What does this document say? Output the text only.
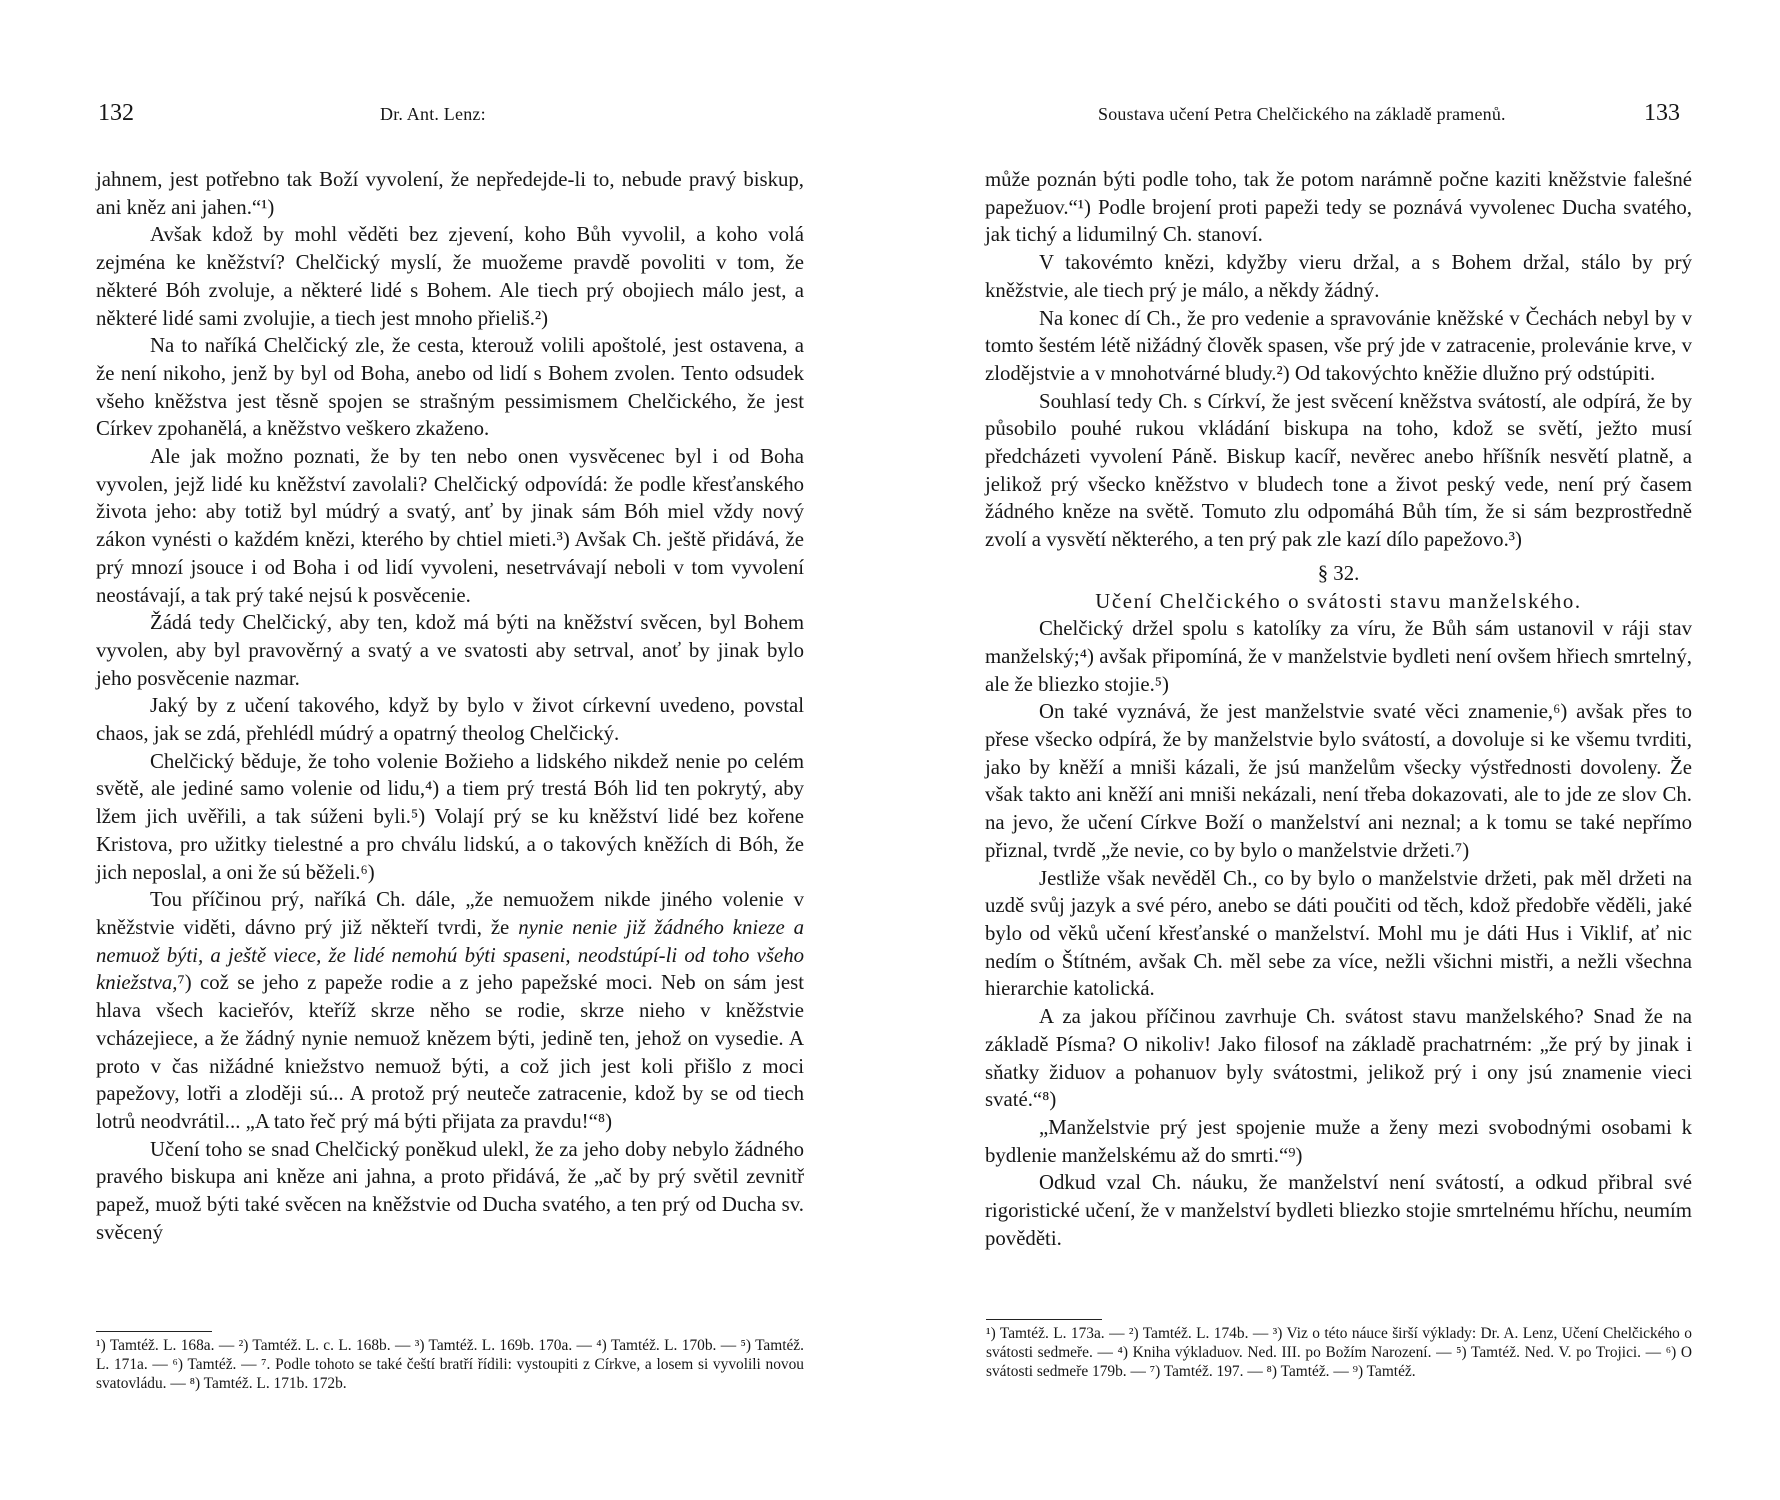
132	Dr. Ant. Lenz:

jahnem, jest potřebno tak Boží vyvolení, že nepředejde-li to, nebude pravý biskup, ani kněz ani jahen.“¹)

Avšak kdož by mohl věděti bez zjevení, koho Bůh vyvolil, a koho volá zejména ke kněžství? Chelčický myslí, že muožeme pravdě povoliti v tom, že některé Bóh zvoluje, a některé lidé s Bohem. Ale tiech prý obojiech málo jest, a některé lidé sami zvolujie, a tiech jest mnoho přieliš.²)

Na to naříká Chelčický zle, že cesta, kterouž volili apoštolé, jest ostavena, a že není nikoho, jenž by byl od Boha, anebo od lidí s Bohem zvolen. Tento odsudek všeho kněžstva jest těsně spojen se strašným pessimismem Chelčického, že jest Církev zpohanělá, a kněžstvo veškero zkaženo.

Ale jak možno poznati, že by ten nebo onen vysvěcenec byl i od Boha vyvolen, jejž lidé ku kněžství zavolali? Chelčický odpovídá: že podle křesťanského života jeho: aby totiž byl múdrý a svatý, anť by jinak sám Bóh miel vždy nový zákon vynésti o každém knězi, kterého by chtiel mieti.³) Avšak Ch. ještě přidává, že prý mnozí jsouce i od Boha i od lidí vyvoleni, nesetrvávají neboli v tom vyvolení neostávají, a tak prý také nejsú k posvěcenie.

Žádá tedy Chelčický, aby ten, kdož má býti na kněžství svěcen, byl Bohem vyvolen, aby byl pravověrný a svatý a ve svatosti aby setrval, anoť by jinak bylo jeho posvěcenie nazmar.

Jaký by z učení takového, když by bylo v život církevní uvedeno, povstal chaos, jak se zdá, přehlédl múdrý a opatrný theolog Chelčický.

Chelčický běduje, že toho volenie Božieho a lidského nikdež nenie po celém světě, ale jediné samo volenie od lidu,⁴) a tiem prý trestá Bóh lid ten pokrytý, aby lžem jich uvěřili, a tak súženi byli.⁵) Volají prý se ku kněžství lidé bez kořene Kristova, pro užitky tielestné a pro chválu lidskú, a o takových kněžích di Bóh, že jich neposlal, a oni že sú běželi.⁶)

Tou příčinou prý, naříká Ch. dále, „že nemuožem nikde jiného volenie v kněžstvie viděti, dávno prý již někteří tvrdi, že nynie nenie již žádného knieze a nemuož býti, a ještě viece, že lidé nemohú býti spaseni, neodstúpí-li od toho všeho kniežstva,⁷) což se jeho z papeže rodie a z jeho papežské moci. Neb on sám jest hlava všech kacieřóv, kteříž skrze něho se rodie, skrze nieho v kněžstvie vcházejiece, a že žádný nynie nemuož knězem býti, jedině ten, jehož on vysedie. A proto v čas nižádné kniežstvo nemuož býti, a což jich jest koli přišlo z moci papežovy, lotři a zloději sú... A protož prý neuteče zatracenie, kdož by se od tiech lotrů neodvrátil... „A tato řeč prý má býti přijata za pravdu!“⁸)

Učení toho se snad Chelčický poněkud ulekl, že za jeho doby nebylo žádného pravého biskupa ani kněze ani jahna, a proto přidává, že „ač by prý světil zevnitř papež, muož býti také svěcen na kněžstvie od Ducha svatého, a ten prý od Ducha sv. svěcený

¹) Tamtéž. L. 168a. — ²) Tamtéž. L. c. L. 168b. — ³) Tamtéž. L. 169b. 170a. — ⁴) Tamtéž. L. 170b. — ⁵) Tamtéž. L. 171a. — ⁶) Tamtéž. — ⁷. Podle tohoto se také čeští bratří řídili: vystoupiti z Církve, a losem si vyvolili novou svatovládu. — ⁸) Tamtéž. L. 171b. 172b.

Soustava učení Petra Chelčického na základě pramenů.	133

může poznán býti podle toho, tak že potom narámně počne kaziti kněžstvie falešné papežuov.“¹) Podle brojení proti papeži tedy se poznává vyvolenec Ducha svatého, jak tichý a lidumilný Ch. stanoví.

V takovémto knězi, kdyžby vieru držal, a s Bohem držal, stálo by prý kněžstvie, ale tiech prý je málo, a někdy žádný.

Na konec dí Ch., že pro vedenie a spravovánie kněžské v Čechách nebyl by v tomto šestém létě nižádný člověk spasen, vše prý jde v zatracenie, prolevánie krve, v zlodějstvie a v mnohotvárné bludy.²) Od takovýchto kněžie dlužno prý odstúpiti.

Souhlasí tedy Ch. s Církví, že jest svěcení kněžstva svátostí, ale odpírá, že by působilo pouhé rukou vkládání biskupa na toho, kdož se světí, ježto musí předcházeti vyvolení Páně. Biskup kacíř, nevěrec anebo hříšník nesvětí platně, a jelikož prý všecko kněžstvo v bludech tone a život peský vede, není prý časem žádného kněze na světě. Tomuto zlu odpomáhá Bůh tím, že si sám bezprostředně zvolí a vysvětí některého, a ten prý pak zle kazí dílo papežovo.³)

§ 32.
Učení Chelčického o svátosti stavu manželského.

Chelčický držel spolu s katolíky za víru, že Bůh sám ustanovil v ráji stav manželský;⁴) avšak připomíná, že v manželstvie bydleti není ovšem hřiech smrtelný, ale že bliezko stojie.⁵)

On také vyznává, že jest manželstvie svaté věci znamenie,⁶) avšak přes to přese všecko odpírá, že by manželstvie bylo svátostí, a dovoluje si ke všemu tvrditi, jako by kněží a mniši kázali, že jsú manželům všecky výstřednosti dovoleny. Že však takto ani kněží ani mniši nekázali, není třeba dokazovati, ale to jde ze slov Ch. na jevo, že učení Církve Boží o manželství ani neznal; a k tomu se také nepřímo přiznal, tvrdě „že nevie, co by bylo o manželstvie držeti.⁷)

Jestliže však nevěděl Ch., co by bylo o manželstvie držeti, pak měl držeti na uzdě svůj jazyk a své péro, anebo se dáti poučiti od těch, kdož předobře věděli, jaké bylo od věků učení křesťanské o manželství. Mohl mu je dáti Hus i Viklif, ať nic nedím o Štítném, avšak Ch. měl sebe za více, nežli všichni mistři, a nežli všechna hierarchie katolická.

A za jakou příčinou zavrhuje Ch. svátost stavu manželského? Snad že na základě Písma? O nikoliv! Jako filosof na základě prachatrném: „že prý by jinak i sňatky židuov a pohanuov byly svátostmi, jelikož prý i ony jsú znamenie vieci svaté.“⁸)

„Manželstvie prý jest spojenie muže a ženy mezi svobodnými osobami k bydlenie manželskému až do smrti.“⁹)

Odkud vzal Ch. náuku, že manželství není svátostí, a odkud přibral své rigoristické učení, že v manželství bydleti bliezko stojie smrtelnému hříchu, neumím pověděti.

¹) Tamtéž. L. 173a. — ²) Tamtéž. L. 174b. — ³) Viz o této náuce širší výklady: Dr. A. Lenz, Učení Chelčického o svátosti sedmeře. — ⁴) Kniha výkladuov. Ned. III. po Božím Narození. — ⁵) Tamtéž. Ned. V. po Trojici. — ⁶) O svátosti sedmeře 179b. — ⁷) Tamtéž. 197. — ⁸) Tamtéž. — ⁹) Tamtéž.
